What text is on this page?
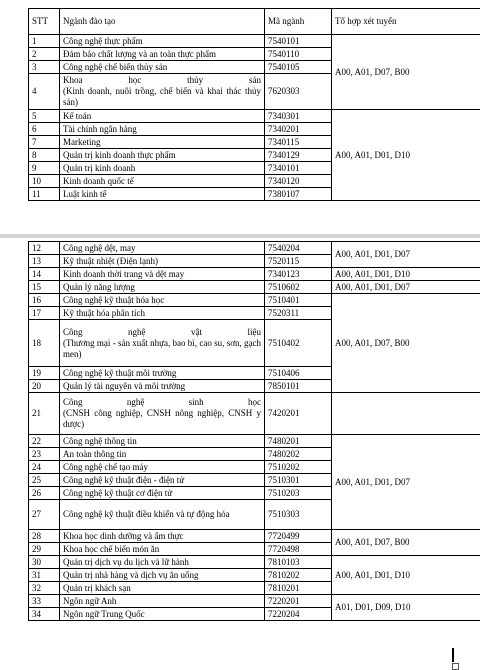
STT	Ngành đào tạo	Mã ngành	Tổ hợp xét tuyển
1	Công nghệ thực phẩm	7540101	A00, A01, D07, B00
2	Đảm bảo chất lượng và an toàn thực phẩm	7540110	
3	Công nghệ chế biến thủy sản	7540105	
4	Khoa học thủy sản
(Kinh doanh, nuôi trồng, chế biến và khai thác thủy sản)	7620303	
5	Kế toán	7340301	A00, A01, D01, D10
6	Tài chính ngân hàng	7340201	
7	Marketing	7340115	
8	Quản trị kinh doanh thực phẩm	7340129	
9	Quản trị kinh doanh	7340101	
10	Kinh doanh quốc tế	7340120	
11	Luật kinh tế	7380107	
12	Công nghệ dệt, may	7540204	A00, A01, D01, D07
13	Kỹ thuật nhiệt (Điện lạnh)	7520115	
14	Kinh doanh thời trang và dệt may	7340123	A00, A01, D01, D10
15	Quản lý năng lượng	7510602	A00, A01, D01, D07
16	Công nghệ kỹ thuật hóa học	7510401	A00, A01, D07, B00
17	Kỹ thuật hóa phân tích	7520311	
18	Công nghệ vật liệu
(Thương mại - sản xuất nhựa, bao bì, cao su, sơn, gạch men)	7510402	
19	Công nghệ kỹ thuật môi trường	7510406	
20	Quản lý tài nguyên và môi trường	7850101	
21	Công nghệ sinh học
(CNSH công nghiệp, CNSH nông nghiệp, CNSH y dược)	7420201	
22	Công nghệ thông tin	7480201	A00, A01, D01, D07
23	An toàn thông tin	7480202	
24	Công nghệ chế tạo máy	7510202	
25	Công nghệ kỹ thuật điện - điện tử	7510301	
26	Công nghệ kỹ thuật cơ điện tử	7510203	
27	Công nghệ kỹ thuật điều khiển và tự động hóa	7510303	
28	Khoa học dinh dưỡng và ẩm thực	7720499	A00, A01, D07, B00
29	Khoa học chế biến món ăn	7720498	
30	Quản trị dịch vụ du lịch và lữ hành	7810103	A00, A01, D01, D10
31	Quản trị nhà hàng và dịch vụ ăn uống	7810202	
32	Quản trị khách sạn	7810201	
33	Ngôn ngữ Anh	7220201	A01, D01, D09, D10
34	Ngôn ngữ Trung Quốc	7220204	
